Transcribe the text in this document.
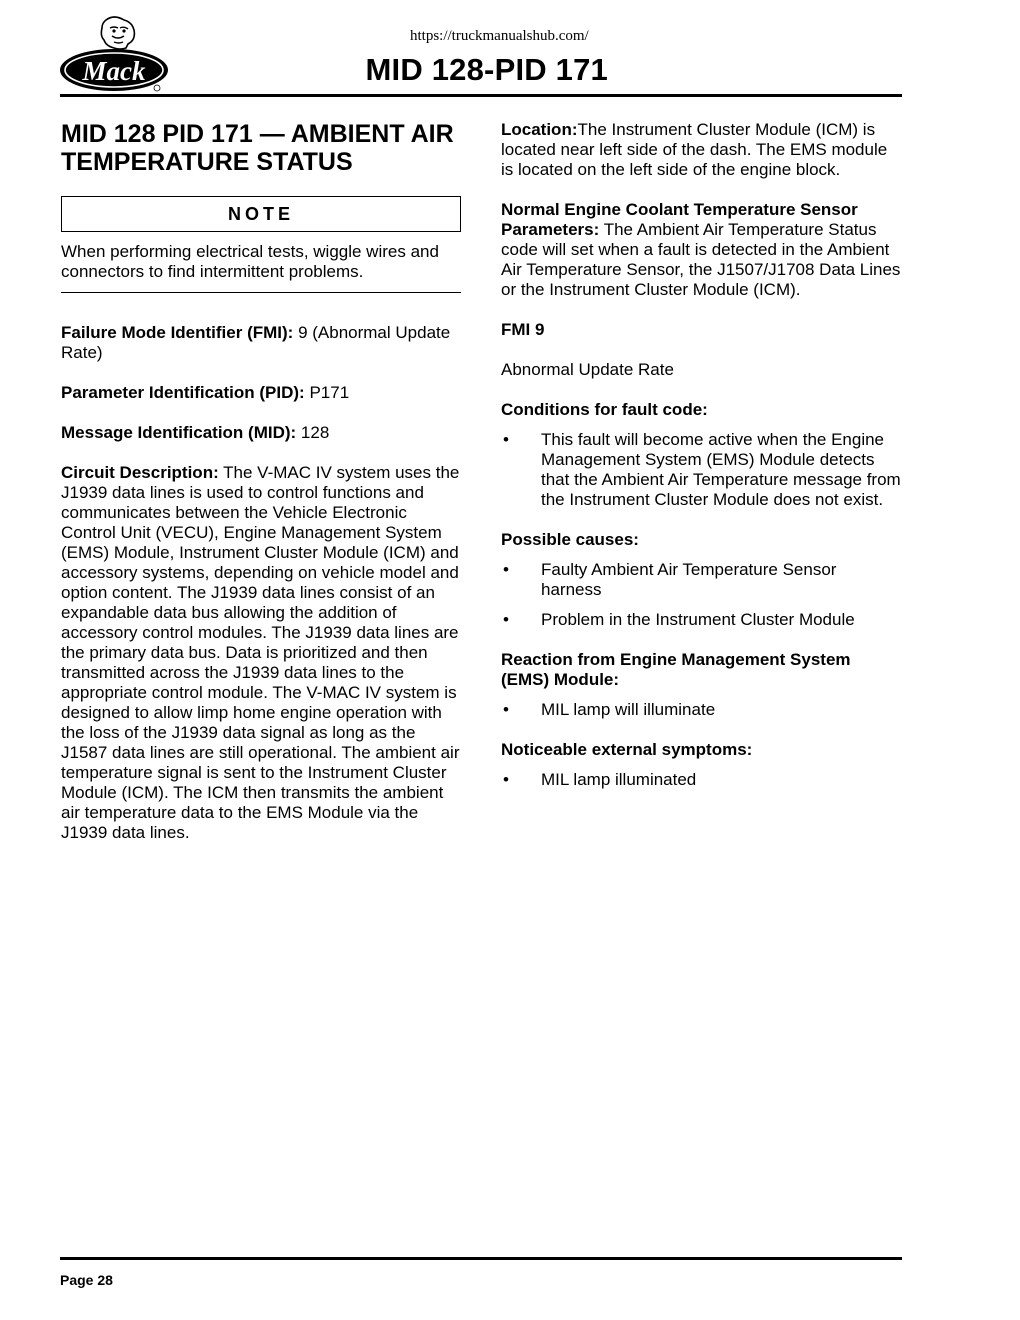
https://truckmanualshub.com/
Mack	MID 128-PID 171
MID 128 PID 171 — AMBIENT AIR TEMPERATURE STATUS
NOTE

When performing electrical tests, wiggle wires and connectors to find intermittent problems.

Failure Mode Identifier (FMI): 9 (Abnormal Update Rate)

Parameter Identification (PID): P171

Message Identification (MID): 128

Circuit Description: The V-MAC IV system uses the J1939 data lines is used to control functions and communicates between the Vehicle Electronic Control Unit (VECU), Engine Management System (EMS) Module, Instrument Cluster Module (ICM) and accessory systems, depending on vehicle model and option content. The J1939 data lines consist of an expandable data bus allowing the addition of accessory control modules. The J1939 data lines are the primary data bus. Data is prioritized and then transmitted across the J1939 data lines to the appropriate control module. The V-MAC IV system is designed to allow limp home engine operation with the loss of the J1939 data signal as long as the J1587 data lines are still operational. The ambient air temperature signal is sent to the Instrument Cluster Module (ICM). The ICM then transmits the ambient air temperature data to the EMS Module via the J1939 data lines.

Location:The Instrument Cluster Module (ICM) is located near left side of the dash. The EMS module is located on the left side of the engine block.

Normal Engine Coolant Temperature Sensor Parameters: The Ambient Air Temperature Status code will set when a fault is detected in the Ambient Air Temperature Sensor, the J1507/J1708 Data Lines or the Instrument Cluster Module (ICM).

FMI 9

Abnormal Update Rate

Conditions for fault code:

• This fault will become active when the Engine Management System (EMS) Module detects that the Ambient Air Temperature message from the Instrument Cluster Module does not exist.

Possible causes:

• Faulty Ambient Air Temperature Sensor harness
• Problem in the Instrument Cluster Module

Reaction from Engine Management System (EMS) Module:

• MIL lamp will illuminate

Noticeable external symptoms:

• MIL lamp illuminated
Page 28
